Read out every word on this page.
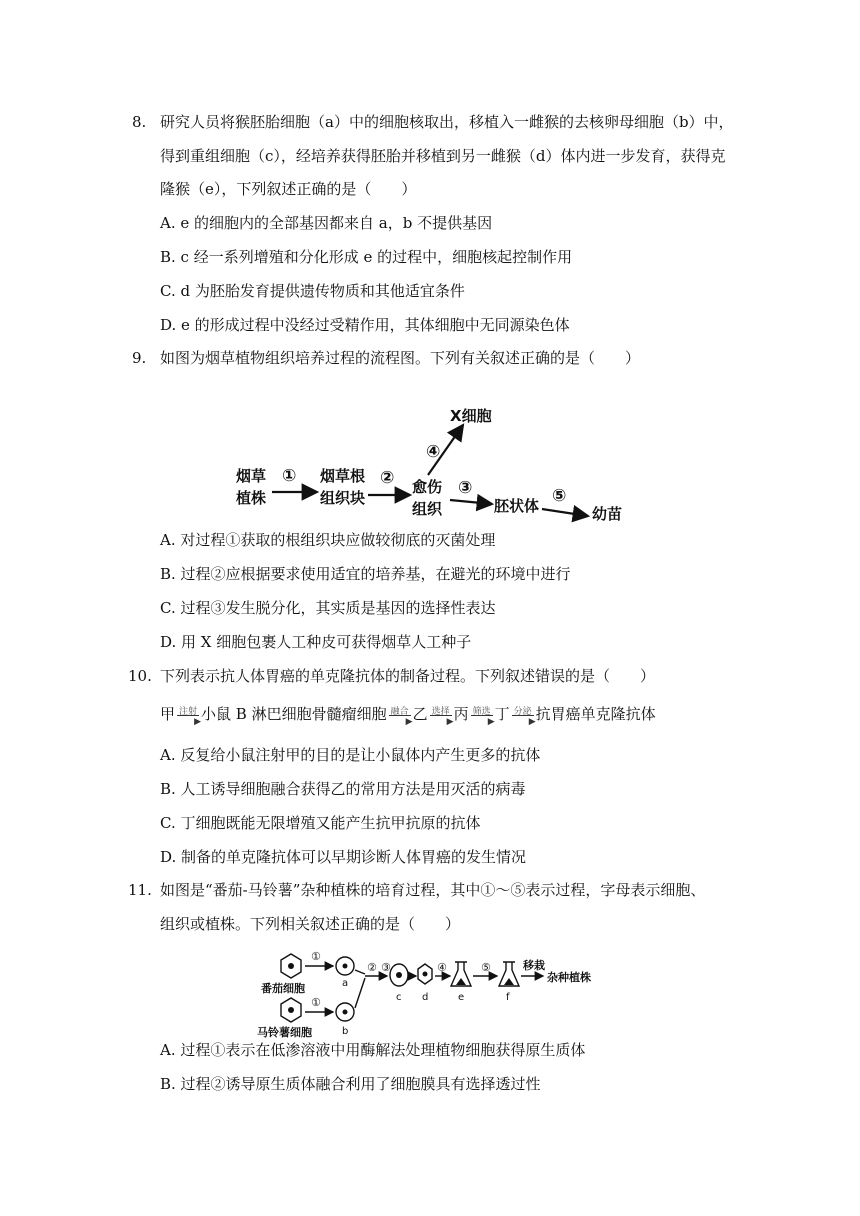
8. 研究人员将猴胚胎细胞（a）中的细胞核取出，移植入一雌猴的去核卵母细胞（b）中，
得到重组细胞（c），经培养获得胚胎并移植到另一雌猴（d）体内进一步发育，获得克
隆猴（e），下列叙述正确的是（　　）
A. e 的细胞内的全部基因都来自 a，b 不提供基因
B. c 经一系列增殖和分化形成 e 的过程中，细胞核起控制作用
C. d 为胚胎发育提供遗传物质和其他适宜条件
D. e 的形成过程中没经过受精作用，其体细胞中无同源染色体
9. 如图为烟草植物组织培养过程的流程图。下列有关叙述正确的是（　　）
烟草
植株
烟草根
组织块
愈伤
组织	胚状体	幼苗
X细胞
①	②	③
④
⑤
A. 对过程①获取的根组织块应做较彻底的灭菌处理
B. 过程②应根据要求使用适宜的培养基，在避光的环境中进行
C. 过程③发生脱分化，其实质是基因的选择性表达
D. 用 X 细胞包裹人工种皮可获得烟草人工种子
10. 下列表示抗人体胃癌的单克隆抗体的制备过程。下列叙述错误的是（　　）
甲 注射
▶ 小鼠 B 淋巴细胞骨髓瘤细胞 融合
▶ 乙 选择
▶ 丙 筛选
▶ 丁 分泌
▶ 抗胃癌单克隆抗体
A. 反复给小鼠注射甲的目的是让小鼠体内产生更多的抗体
B. 人工诱导细胞融合获得乙的常用方法是用灭活的病毒
C. 丁细胞既能无限增殖又能产生抗甲抗原的抗体
D. 制备的单克隆抗体可以早期诊断人体胃癌的发生情况
11. 如图是“番茄-马铃薯”杂种植株的培育过程，其中①～⑤表示过程，字母表示细胞、
组织或植株。下列相关叙述正确的是（　　）
①
①
② ③	④	⑤
番茄细胞
马铃薯细胞
移栽
杂种植株
a
b
c d	e	f
A. 过程①表示在低渗溶液中用酶解法处理植物细胞获得原生质体
B. 过程②诱导原生质体融合利用了细胞膜具有选择透过性
